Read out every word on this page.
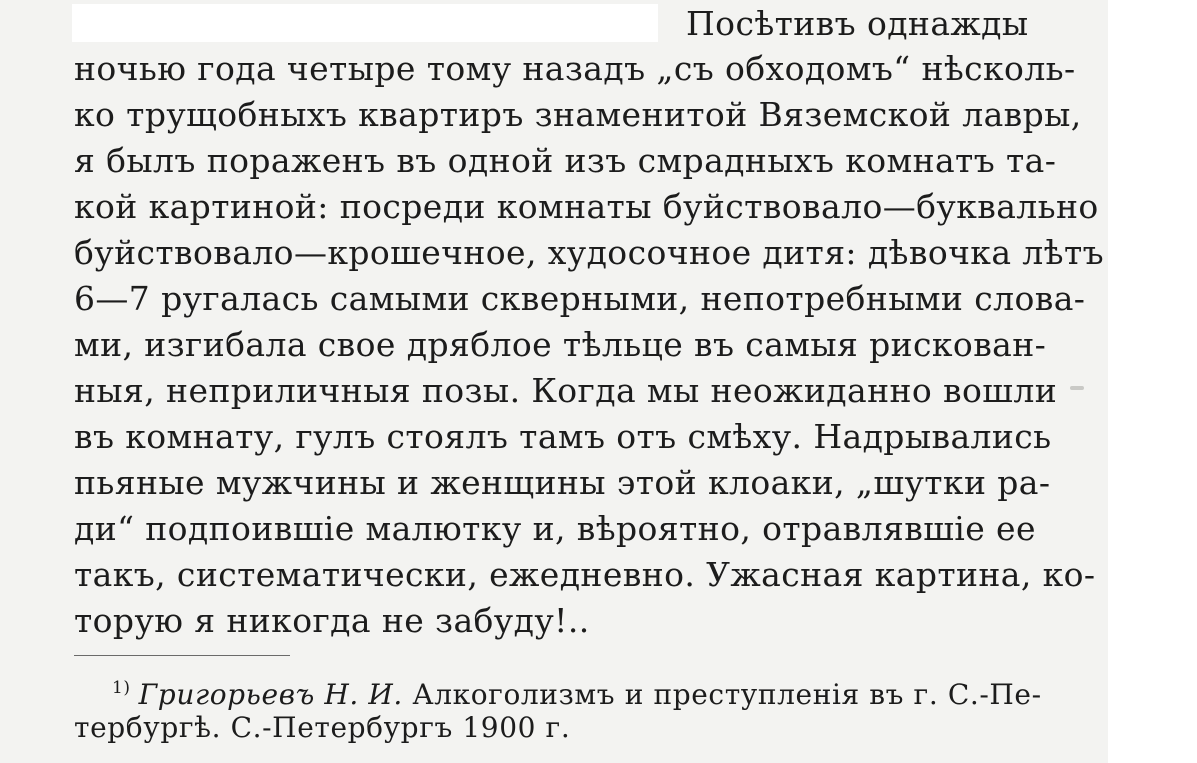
Посѣтивъ однажды
ночью года четыре тому назадъ „съ обходомъ“ нѣсколь-
ко трущобныхъ квартиръ знаменитой Вяземской лавры,
я былъ пораженъ въ одной изъ смрадныхъ комнатъ та-
кой картиной: посреди комнаты буйствовало—буквально
буйствовало—крошечное, худосочное дитя: дѣвочка лѣтъ
6—7 ругалась самыми скверными, непотребными слова-
ми, изгибала свое дряблое тѣльце въ самыя рискован-
ныя, неприличныя позы. Когда мы неожиданно вошли
въ комнату, гулъ стоялъ тамъ отъ смѣху. Надрывались
пьяные мужчины и женщины этой клоаки, „шутки ра-
ди“ подпоившіе малютку и, вѣроятно, отравлявшіе ее
такъ, систематически, ежедневно. Ужасная картина, ко-
торую я никогда не забуду!..
$^{1)}$ Григорьевъ Н. И. Алкоголизмъ и преступленія въ г. С.-Пе-
тербургѣ. С.-Петербургъ 1900 г.
